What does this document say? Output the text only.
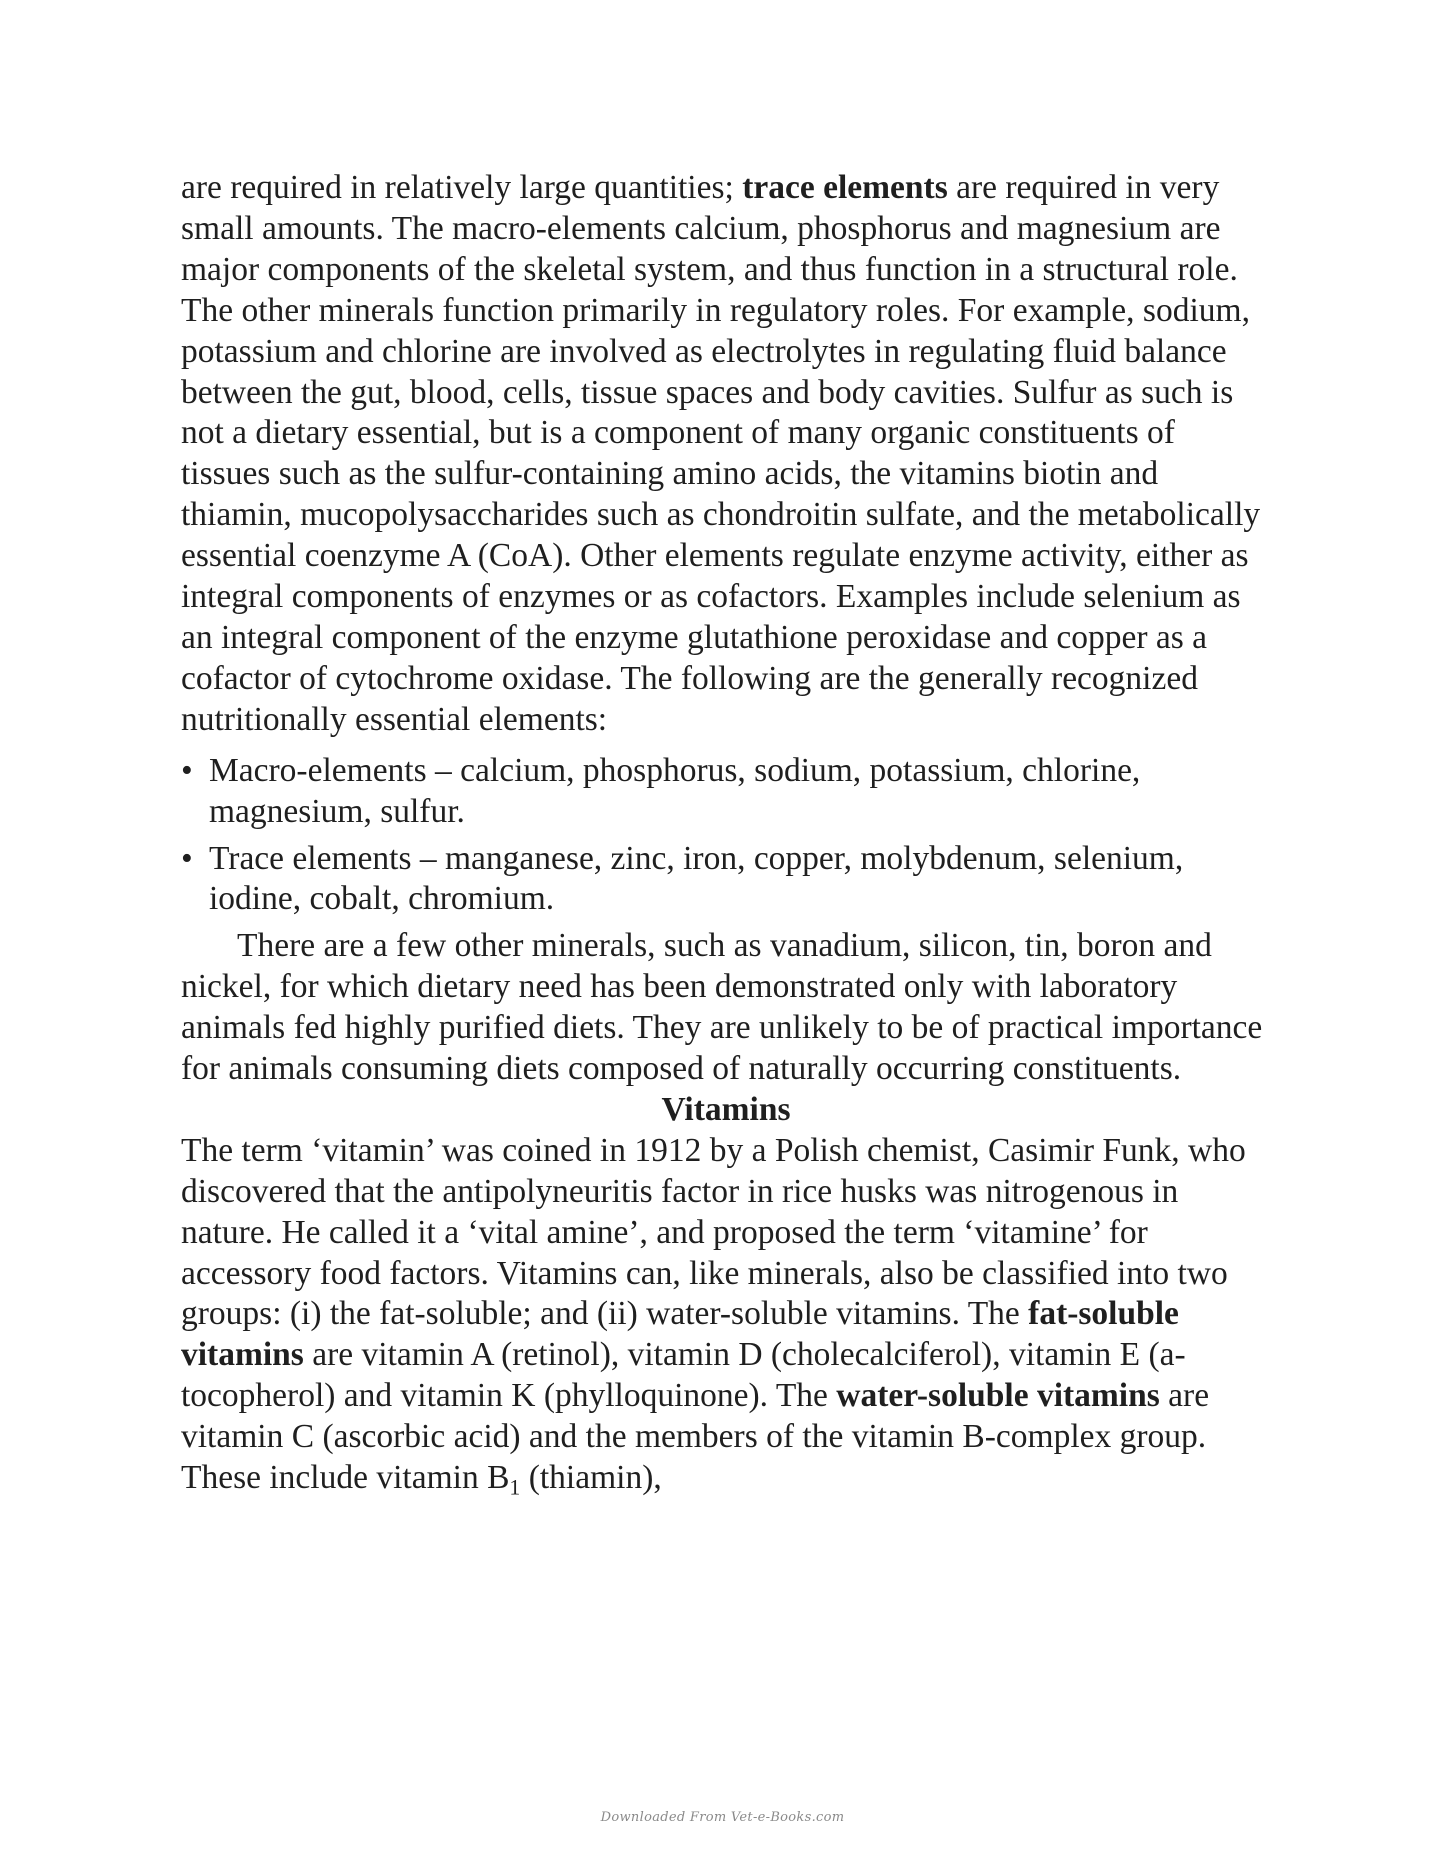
are required in relatively large quantities; trace elements are required in very small amounts. The macro-elements calcium, phosphorus and magnesium are major components of the skeletal system, and thus function in a structural role. The other minerals function primarily in regulatory roles. For example, sodium, potassium and chlorine are involved as electrolytes in regulating fluid balance between the gut, blood, cells, tissue spaces and body cavities. Sulfur as such is not a dietary essential, but is a component of many organic constituents of tissues such as the sulfur-containing amino acids, the vitamins biotin and thiamin, mucopolysaccharides such as chondroitin sulfate, and the metabolically essential coenzyme A (CoA). Other elements regulate enzyme activity, either as integral components of enzymes or as cofactors. Examples include selenium as an integral component of the enzyme glutathione peroxidase and copper as a cofactor of cytochrome oxidase. The following are the generally recognized nutritionally essential elements:

• Macro-elements – calcium, phosphorus, sodium, potassium, chlorine, magnesium, sulfur.
• Trace elements – manganese, zinc, iron, copper, molybdenum, selenium, iodine, cobalt, chromium.

There are a few other minerals, such as vanadium, silicon, tin, boron and nickel, for which dietary need has been demonstrated only with laboratory animals fed highly purified diets. They are unlikely to be of practical importance for animals consuming diets composed of naturally occurring constituents.

Vitamins

The term ‘vitamin’ was coined in 1912 by a Polish chemist, Casimir Funk, who discovered that the antipolyneuritis factor in rice husks was nitrogenous in nature. He called it a ‘vital amine’, and proposed the term ‘vitamine’ for accessory food factors. Vitamins can, like minerals, also be classified into two groups: (i) the fat-soluble; and (ii) water-soluble vitamins. The fat-soluble vitamins are vitamin A (retinol), vitamin D (cholecalciferol), vitamin E (a-tocopherol) and vitamin K (phylloquinone). The water-soluble vitamins are vitamin C (ascorbic acid) and the members of the vitamin B-complex group. These include vitamin $B_1$ (thiamin),

Downloaded From Vet-e-Books.com
